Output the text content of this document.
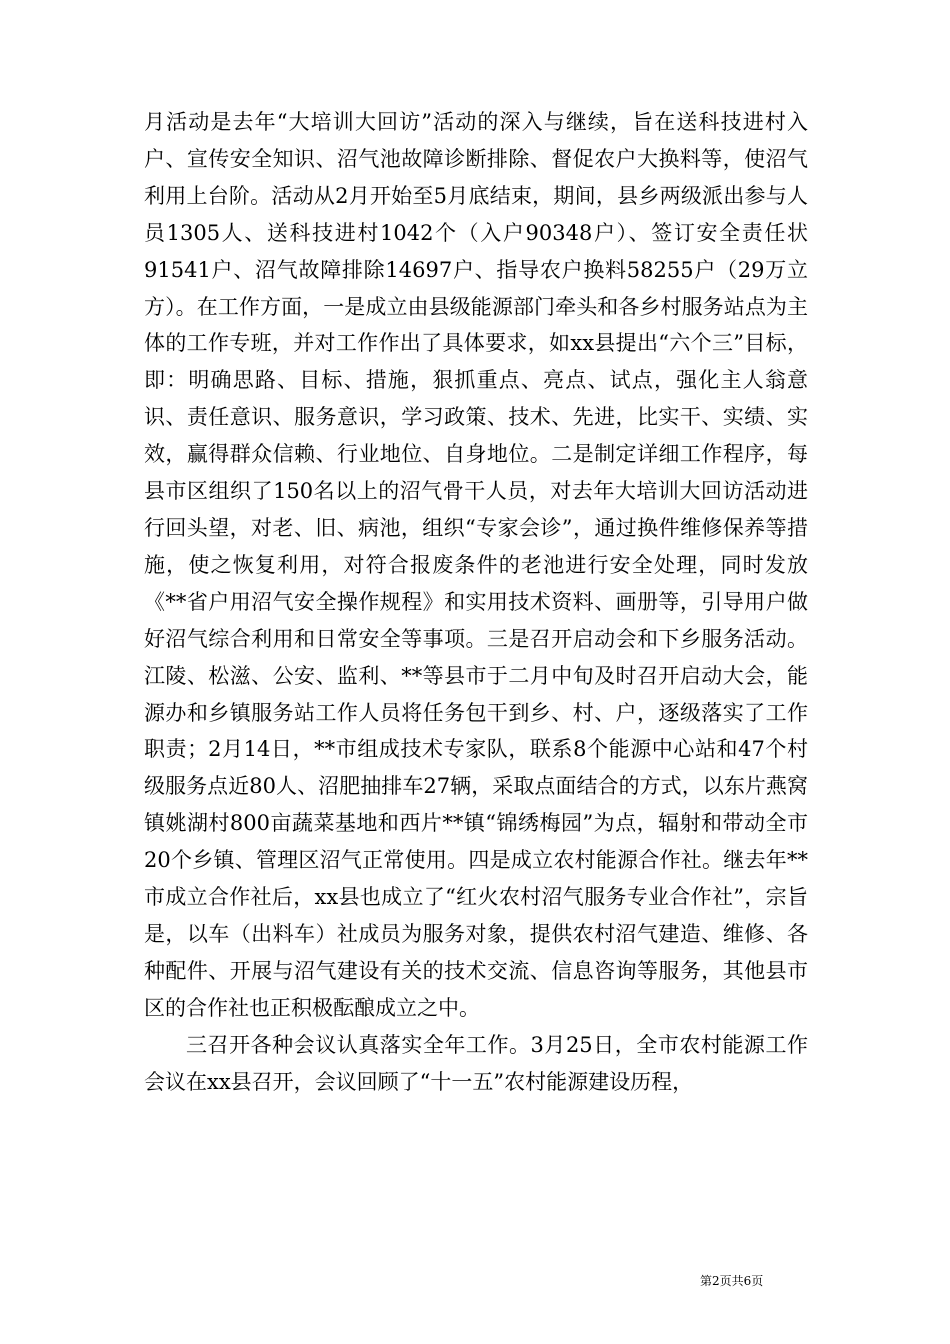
月活动是去年“大培训大回访”活动的深入与继续，旨在送科技进村入户、宣传安全知识、沼气池故障诊断排除、督促农户大换料等，使沼气利用上台阶。活动从2月开始至5月底结束，期间，县乡两级派出参与人员1305人、送科技进村1042个（入户90348户）、签订安全责任状91541户、沼气故障排除14697户、指导农户换料58255户（29万立方）。在工作方面，一是成立由县级能源部门牵头和各乡村服务站点为主体的工作专班，并对工作作出了具体要求，如xx县提出“六个三”目标，即：明确思路、目标、措施，狠抓重点、亮点、试点，强化主人翁意识、责任意识、服务意识，学习政策、技术、先进，比实干、实绩、实效，赢得群众信赖、行业地位、自身地位。二是制定详细工作程序，每县市区组织了150名以上的沼气骨干人员，对去年大培训大回访活动进行回头望，对老、旧、病池，组织“专家会诊”，通过换件维修保养等措施，使之恢复利用，对符合报废条件的老池进行安全处理，同时发放《**省户用沼气安全操作规程》和实用技术资料、画册等，引导用户做好沼气综合利用和日常安全等事项。三是召开启动会和下乡服务活动。江陵、松滋、公安、监利、**等县市于二月中旬及时召开启动大会，能源办和乡镇服务站工作人员将任务包干到乡、村、户，逐级落实了工作职责；2月14日，**市组成技术专家队，联系8个能源中心站和47个村级服务点近80人、沼肥抽排车27辆，采取点面结合的方式，以东片燕窝镇姚湖村800亩蔬菜基地和西片**镇“锦绣梅园”为点，辐射和带动全市20个乡镇、管理区沼气正常使用。四是成立农村能源合作社。继去年**市成立合作社后，xx县也成立了“红火农村沼气服务专业合作社”，宗旨是，以车（出料车）社成员为服务对象，提供农村沼气建造、维修、各种配件、开展与沼气建设有关的技术交流、信息咨询等服务，其他县市区的合作社也正积极酝酿成立之中。

三召开各种会议认真落实全年工作。3月25日，全市农村能源工作会议在xx县召开，会议回顾了“十一五”农村能源建设历程，

第2页共6页
